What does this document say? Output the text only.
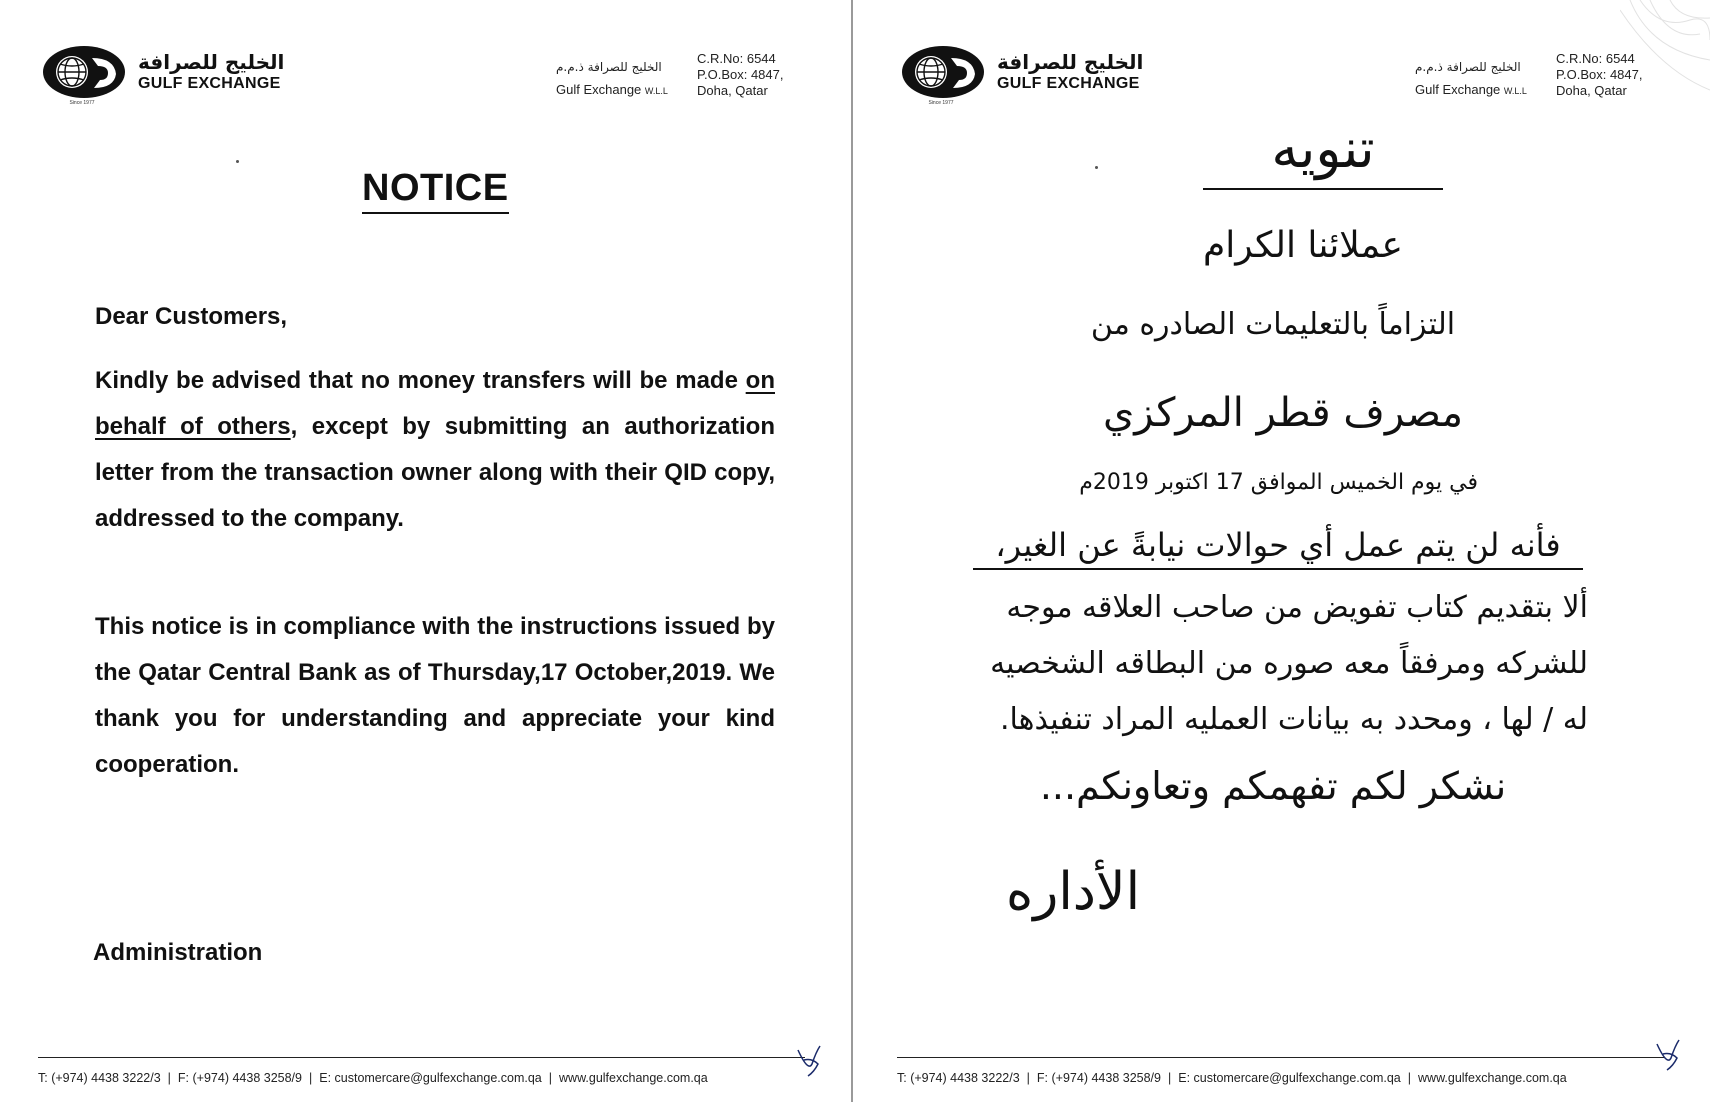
Since 1977
الخليج للصرافة
GULF EXCHANGE
الخليج للصرافة ذ.م.م
Gulf Exchange W.L.L
C.R.No: 6544
P.O.Box: 4847,
Doha, Qatar
NOTICE
Dear Customers,
Kindly be advised that no money transfers will be made on behalf of others, except by submitting an authorization letter from the transaction owner along with their QID copy, addressed to the company.
This notice is in compliance with the instructions issued by the Qatar Central Bank as of Thursday,17 October,2019. We thank you for understanding and appreciate your kind cooperation.
Administration
T: (+974) 4438 3222/3 | F: (+974) 4438 3258/9 | E: customercare@gulfexchange.com.qa | www.gulfexchange.com.qa
Since 1977
الخليج للصرافة
GULF EXCHANGE
الخليج للصرافة ذ.م.م
Gulf Exchange W.L.L
C.R.No: 6544
P.O.Box: 4847,
Doha, Qatar
تنويه
عملائنا الكرام
التزاماً بالتعليمات الصادره من
مصرف قطر المركزي
في يوم الخميس الموافق 17 اكتوبر 2019م
فأنه لن يتم عمل أي حوالات نيابةً عن الغير،
ألا بتقديم كتاب تفويض من صاحب العلاقه موجه
للشركه ومرفقاً معه صوره من البطاقه الشخصيه
له / لها ، ومحدد به بيانات العمليه المراد تنفيذها.
نشكر لكم تفهمكم وتعاونكم...
الأداره
T: (+974) 4438 3222/3 | F: (+974) 4438 3258/9 | E: customercare@gulfexchange.com.qa | www.gulfexchange.com.qa
